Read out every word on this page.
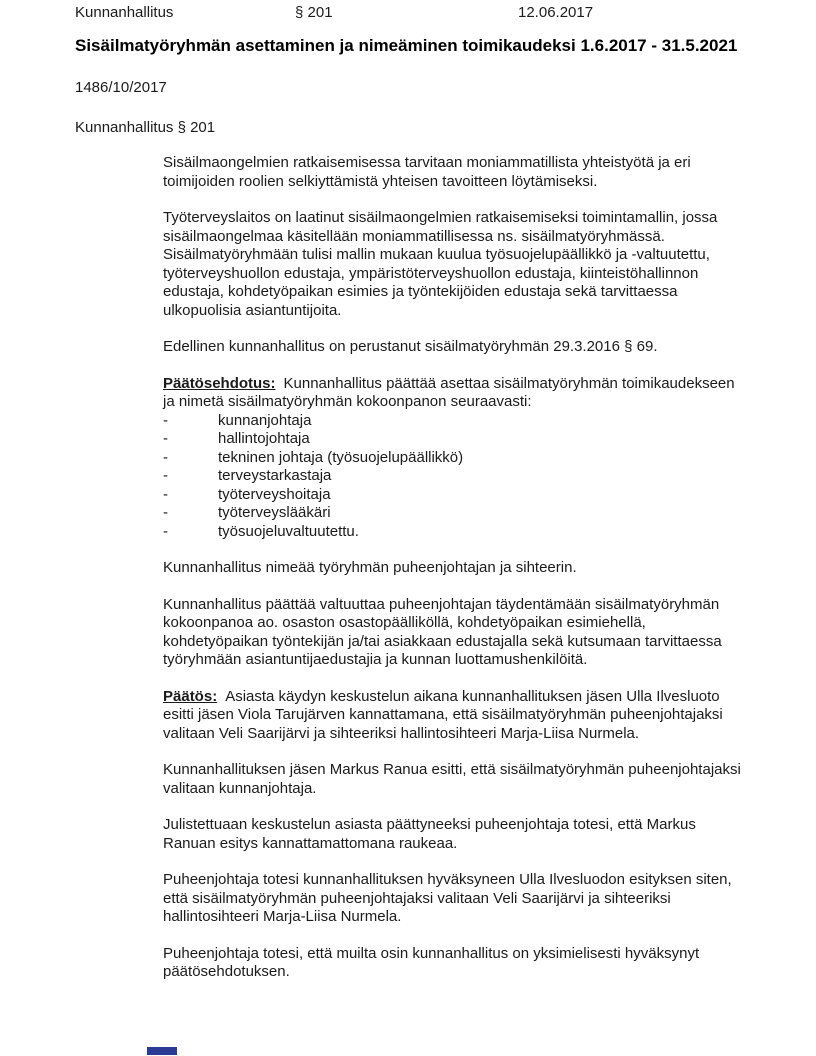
Kunnanhallitus	§ 201	12.06.2017
Sisäilmatyöryhmän asettaminen ja nimeäminen toimikaudeksi 1.6.2017 - 31.5.2021
1486/10/2017
Kunnanhallitus § 201

Sisäilmaongelmien ratkaisemisessa tarvitaan moniammatillista yhteistyötä ja eri toimijoiden roolien selkiyttämistä yhteisen tavoitteen löytämiseksi.

Työterveyslaitos on laatinut sisäilmaongelmien ratkaisemiseksi toimintamallin, jossa sisäilmaongelmaa käsitellään moniammatillisessa ns. sisäilmatyöryhmässä. Sisäilmatyöryhmään tulisi mallin mukaan kuulua työsuojelupäällikkö ja -valtuutettu, työterveyshuollon edustaja, ympäristöterveyshuollon edustaja, kiinteistöhallinnon edustaja, kohdetyöpaikan esimies ja työntekijöiden edustaja sekä tarvittaessa ulkopuolisia asiantuntijoita.

Edellinen kunnanhallitus on perustanut sisäilmatyöryhmän 29.3.2016 § 69.

Päätösehdotus: Kunnanhallitus päättää asettaa sisäilmatyöryhmän toimikaudekseen ja nimetä sisäilmatyöryhmän kokoonpanon seuraavasti:

-	kunnanjohtaja
-	hallintojohtaja
-	tekninen johtaja (työsuojelupäällikkö)
-	terveystarkastaja
-	työterveyshoitaja
-	työterveyslääkäri
-	työsuojeluvaltuutettu.

Kunnanhallitus nimeää työryhmän puheenjohtajan ja sihteerin.

Kunnanhallitus päättää valtuuttaa puheenjohtajan täydentämään sisäilmatyöryhmän kokoonpanoa ao. osaston osastopäälliköllä, kohdetyöpaikan esimiehellä, kohdetyöpaikan työntekijän ja/tai asiakkaan edustajalla sekä kutsumaan tarvittaessa työryhmään asiantuntijaedustajia ja kunnan luottamushenkilöitä.

Päätös: Asiasta käydyn keskustelun aikana kunnanhallituksen jäsen Ulla Ilvesluoto esitti jäsen Viola Tarujärven kannattamana, että sisäilmatyöryhmän puheenjohtajaksi valitaan Veli Saarijärvi ja sihteeriksi hallintosihteeri Marja-Liisa Nurmela.

Kunnanhallituksen jäsen Markus Ranua esitti, että sisäilmatyöryhmän puheenjohtajaksi valitaan kunnanjohtaja.

Julistettuaan keskustelun asiasta päättyneeksi puheenjohtaja totesi, että Markus Ranuan esitys kannattamattomana raukeaa.

Puheenjohtaja totesi kunnanhallituksen hyväksyneen Ulla Ilvesluodon esityksen siten, että sisäilmatyöryhmän puheenjohtajaksi valitaan Veli Saarijärvi ja sihteeriksi hallintosihteeri Marja-Liisa Nurmela.

Puheenjohtaja totesi, että muilta osin kunnanhallitus on yksimielisesti hyväksynyt päätösehdotuksen.
